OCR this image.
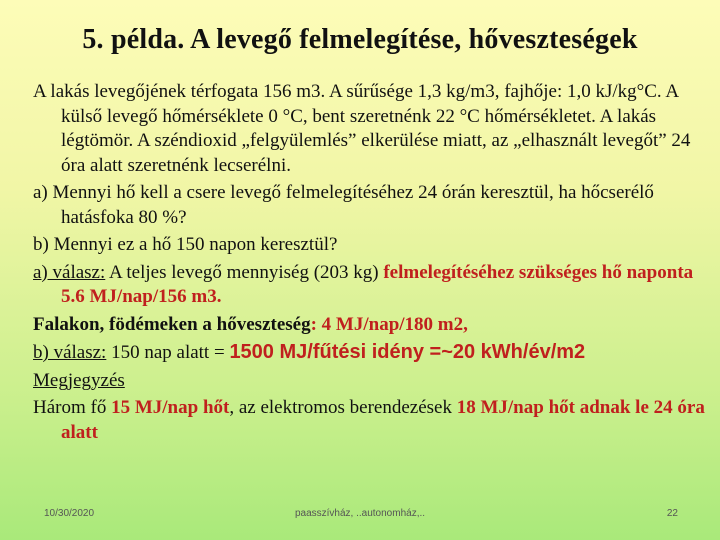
5. példa. A levegő felmelegítése, hőveszteségek

A lakás levegőjének térfogata 156 m3. A sűrűsége 1,3 kg/m3, fajhője: 1,0 kJ/kg°C. A külső levegő hőmérséklete 0 °C, bent szeretnénk 22 °C hőmérsékletet. A lakás légtömör. A széndioxid „felgyülemlés” elkerülése miatt, az „elhasznált levegőt” 24 óra alatt szeretnénk lecserélni.

a) Mennyi hő kell a csere levegő felmelegítéséhez 24 órán keresztül, ha hőcserélő hatásfoka 80 %?

b) Mennyi ez a hő 150 napon keresztül?

a) válasz: A teljes levegő mennyiség (203 kg) felmelegítéséhez szükséges hő naponta 5.6 MJ/nap/156 m3.

Falakon, födémeken a hőveszteség: 4 MJ/nap/180 m2,

b) válasz: 150 nap alatt = 1500 MJ/fűtési idény =~20 kWh/év/m2

Megjegyzés

Három fő 15 MJ/nap hőt, az elektromos berendezések 18 MJ/nap hőt adnak le 24 óra alatt

10/30/2020	paasszívház, ..autonomház,..	22
